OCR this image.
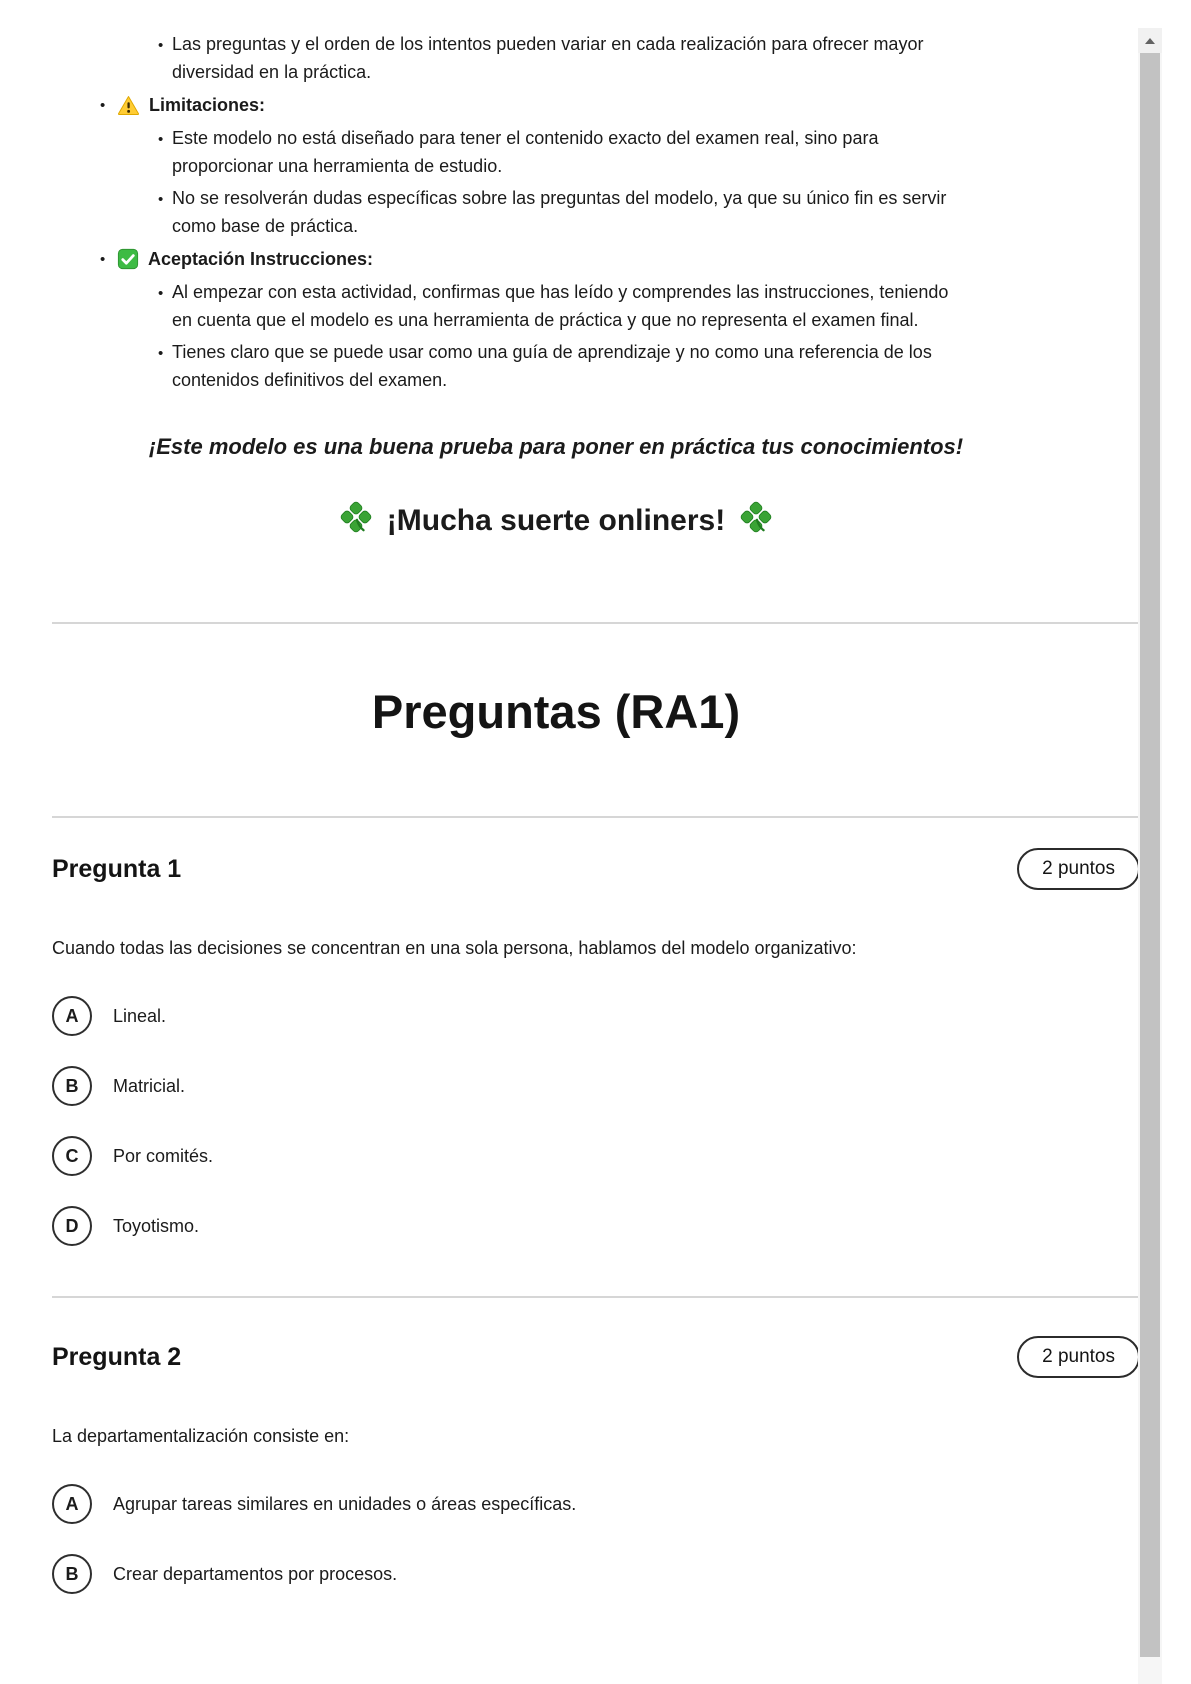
•
Las preguntas y el orden de los intentos pueden variar en cada realización para ofrecer mayor diversidad en la práctica.
•
Limitaciones:
•
Este modelo no está diseñado para tener el contenido exacto del examen real, sino para proporcionar una herramienta de estudio.
•
No se resolverán dudas específicas sobre las preguntas del modelo, ya que su único fin es servir como base de práctica.
•
Aceptación Instrucciones:
•
Al empezar con esta actividad, confirmas que has leído y comprendes las instrucciones, teniendo en cuenta que el modelo es una herramienta de práctica y que no representa el examen final.
•
Tienes claro que se puede usar como una guía de aprendizaje y no como una referencia de los contenidos definitivos del examen.
¡Este modelo es una buena prueba para poner en práctica tus conocimientos!
¡Mucha suerte onliners!
Preguntas (RA1)
Pregunta 1	2 puntos
Cuando todas las decisiones se concentran en una sola persona, hablamos del modelo organizativo:
A	Lineal.
B	Matricial.
C	Por comités.
D	Toyotismo.
Pregunta 2	2 puntos
La departamentalización consiste en:
A	Agrupar tareas similares en unidades o áreas específicas.
B	Crear departamentos por procesos.
